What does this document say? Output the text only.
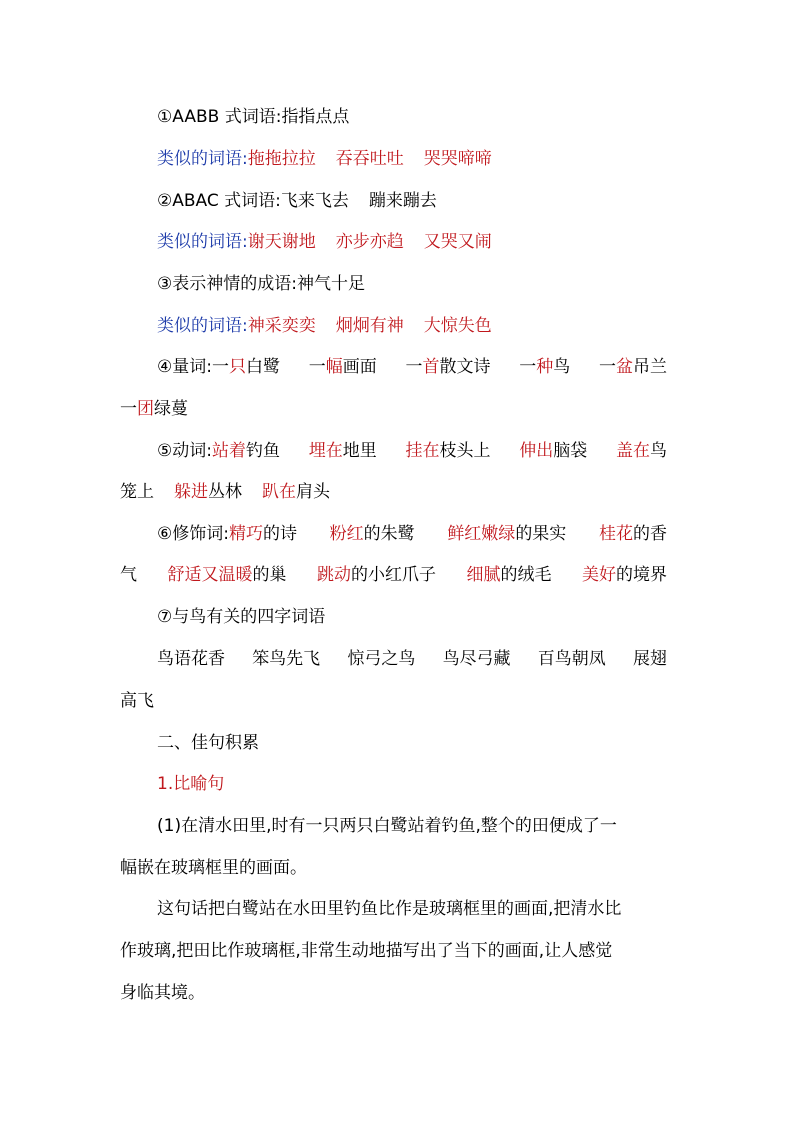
①AABB 式词语:指指点点
类似的词语:拖拖拉拉 吞吞吐吐 哭哭啼啼
②ABAC 式词语:飞来飞去 蹦来蹦去
类似的词语:谢天谢地 亦步亦趋 又哭又闹
③表示神情的成语:神气十足
类似的词语:神采奕奕 炯炯有神 大惊失色
④量词:一只白鹭 一幅画面 一首散文诗 一种鸟 一盆吊兰
一团绿蔓
⑤动词:站着钓鱼 埋在地里 挂在枝头上 伸出脑袋 盖在鸟
笼上 躲进丛林 趴在肩头
⑥修饰词:精巧的诗 粉红的朱鹭 鲜红嫩绿的果实 桂花的香
气 舒适又温暖的巢 跳动的小红爪子 细腻的绒毛 美好的境界
⑦与鸟有关的四字词语
鸟语花香 笨鸟先飞 惊弓之鸟 鸟尽弓藏 百鸟朝凤 展翅
高飞
二、佳句积累
1.比喻句
(1)在清水田里,时有一只两只白鹭站着钓鱼,整个的田便成了一
幅嵌在玻璃框里的画面。
这句话把白鹭站在水田里钓鱼比作是玻璃框里的画面,把清水比
作玻璃,把田比作玻璃框,非常生动地描写出了当下的画面,让人感觉
身临其境。
